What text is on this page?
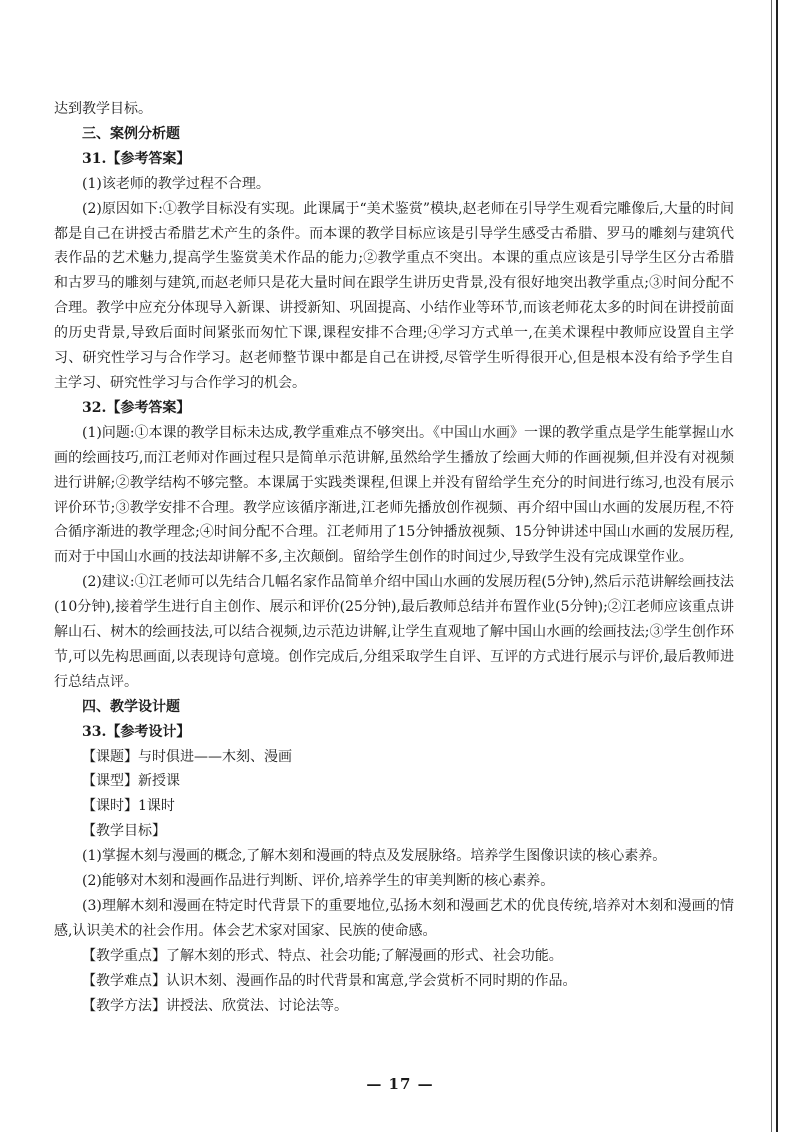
达到教学目标。

三、案例分析题

31.【参考答案】

(1)该老师的教学过程不合理。

(2)原因如下:①教学目标没有实现。此课属于“美术鉴赏”模块,赵老师在引导学生观看完雕像后,大量的时间都是自己在讲授古希腊艺术产生的条件。而本课的教学目标应该是引导学生感受古希腊、罗马的雕刻与建筑代表作品的艺术魅力,提高学生鉴赏美术作品的能力;②教学重点不突出。本课的重点应该是引导学生区分古希腊和古罗马的雕刻与建筑,而赵老师只是花大量时间在跟学生讲历史背景,没有很好地突出教学重点;③时间分配不合理。教学中应充分体现导入新课、讲授新知、巩固提高、小结作业等环节,而该老师花太多的时间在讲授前面的历史背景,导致后面时间紧张而匆忙下课,课程安排不合理;④学习方式单一,在美术课程中教师应设置自主学习、研究性学习与合作学习。赵老师整节课中都是自己在讲授,尽管学生听得很开心,但是根本没有给予学生自主学习、研究性学习与合作学习的机会。

32.【参考答案】

(1)问题:①本课的教学目标未达成,教学重难点不够突出。《中国山水画》一课的教学重点是学生能掌握山水画的绘画技巧,而江老师对作画过程只是简单示范讲解,虽然给学生播放了绘画大师的作画视频,但并没有对视频进行讲解;②教学结构不够完整。本课属于实践类课程,但课上并没有留给学生充分的时间进行练习,也没有展示评价环节;③教学安排不合理。教学应该循序渐进,江老师先播放创作视频、再介绍中国山水画的发展历程,不符合循序渐进的教学理念;④时间分配不合理。江老师用了15分钟播放视频、15分钟讲述中国山水画的发展历程,而对于中国山水画的技法却讲解不多,主次颠倒。留给学生创作的时间过少,导致学生没有完成课堂作业。

(2)建议:①江老师可以先结合几幅名家作品简单介绍中国山水画的发展历程(5分钟),然后示范讲解绘画技法(10分钟),接着学生进行自主创作、展示和评价(25分钟),最后教师总结并布置作业(5分钟);②江老师应该重点讲解山石、树木的绘画技法,可以结合视频,边示范边讲解,让学生直观地了解中国山水画的绘画技法;③学生创作环节,可以先构思画面,以表现诗句意境。创作完成后,分组采取学生自评、互评的方式进行展示与评价,最后教师进行总结点评。

四、教学设计题

33.【参考设计】

【课题】与时俱进——木刻、漫画

【课型】新授课

【课时】1课时

【教学目标】

(1)掌握木刻与漫画的概念,了解木刻和漫画的特点及发展脉络。培养学生图像识读的核心素养。

(2)能够对木刻和漫画作品进行判断、评价,培养学生的审美判断的核心素养。

(3)理解木刻和漫画在特定时代背景下的重要地位,弘扬木刻和漫画艺术的优良传统,培养对木刻和漫画的情感,认识美术的社会作用。体会艺术家对国家、民族的使命感。

【教学重点】了解木刻的形式、特点、社会功能;了解漫画的形式、社会功能。

【教学难点】认识木刻、漫画作品的时代背景和寓意,学会赏析不同时期的作品。

【教学方法】讲授法、欣赏法、讨论法等。

— 17 —
